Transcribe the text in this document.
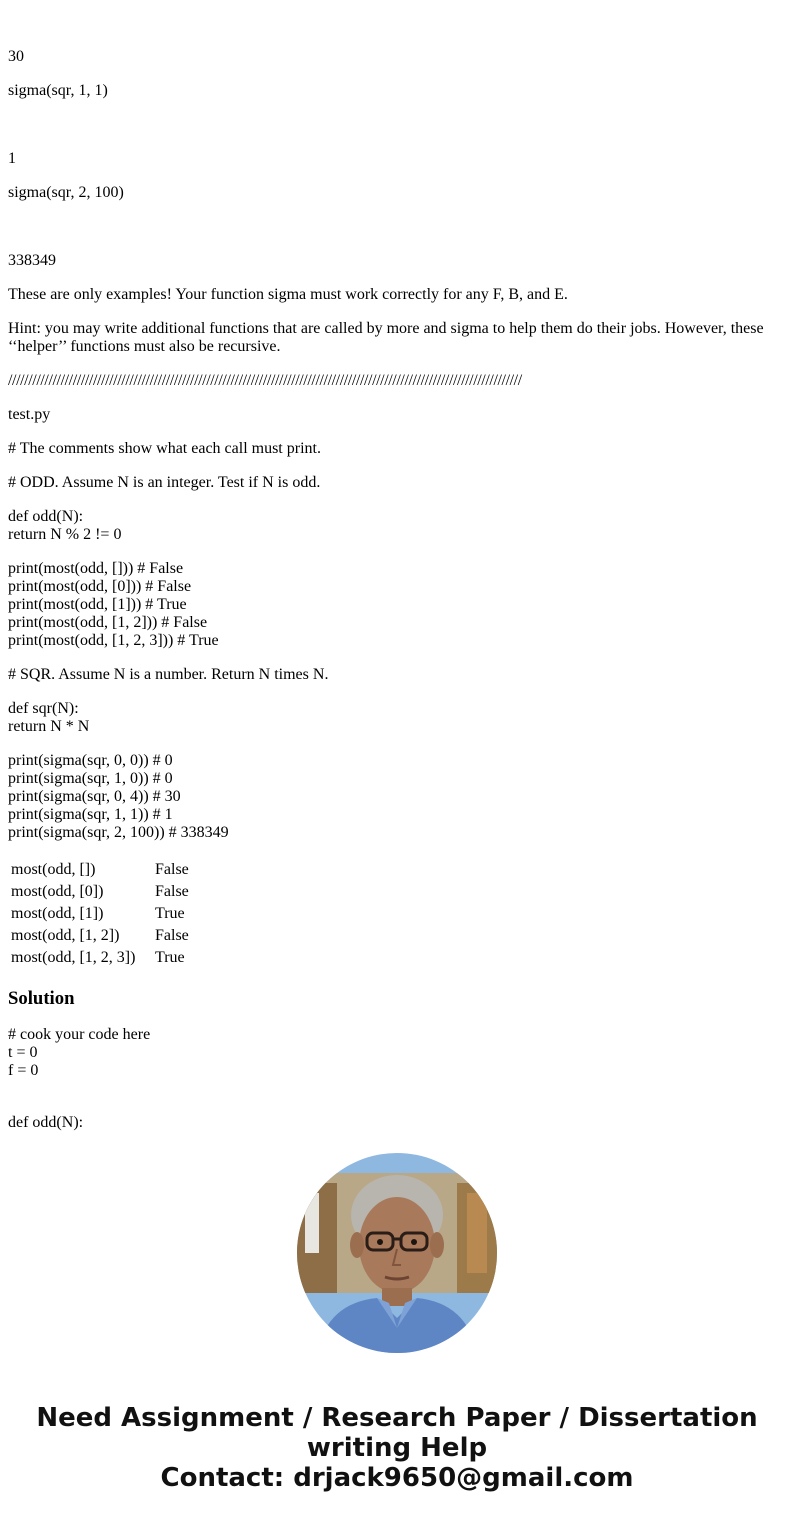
30

sigma(sqr, 1, 1)

1

sigma(sqr, 2, 100)

338349

These are only examples! Your function sigma must work correctly for any F, B, and E.

Hint: you may write additional functions that are called by more and sigma to help them do their jobs. However, these ‘‘helper’’ functions must also be recursive.

///////////////////////////////////////////////////////////////////////////////////////////////////////////////////////////////

test.py

# The comments show what each call must print.

# ODD. Assume N is an integer. Test if N is odd.

def odd(N):
return N % 2 != 0

print(most(odd, [])) # False
print(most(odd, [0])) # False
print(most(odd, [1])) # True
print(most(odd, [1, 2])) # False
print(most(odd, [1, 2, 3])) # True

# SQR. Assume N is a number. Return N times N.

def sqr(N):
return N * N

print(sigma(sqr, 0, 0)) # 0
print(sigma(sqr, 1, 0)) # 0
print(sigma(sqr, 0, 4)) # 30
print(sigma(sqr, 1, 1)) # 1
print(sigma(sqr, 2, 100)) # 338349

most(odd, [])	False
most(odd, [0])	False
most(odd, [1])	True
most(odd, [1, 2])	False
most(odd, [1, 2, 3])	True
Solution

# cook your code here
t = 0
f = 0

def odd(N):

Need Assignment / Research Paper / Dissertation
writing Help
Contact: drjack9650@gmail.com
